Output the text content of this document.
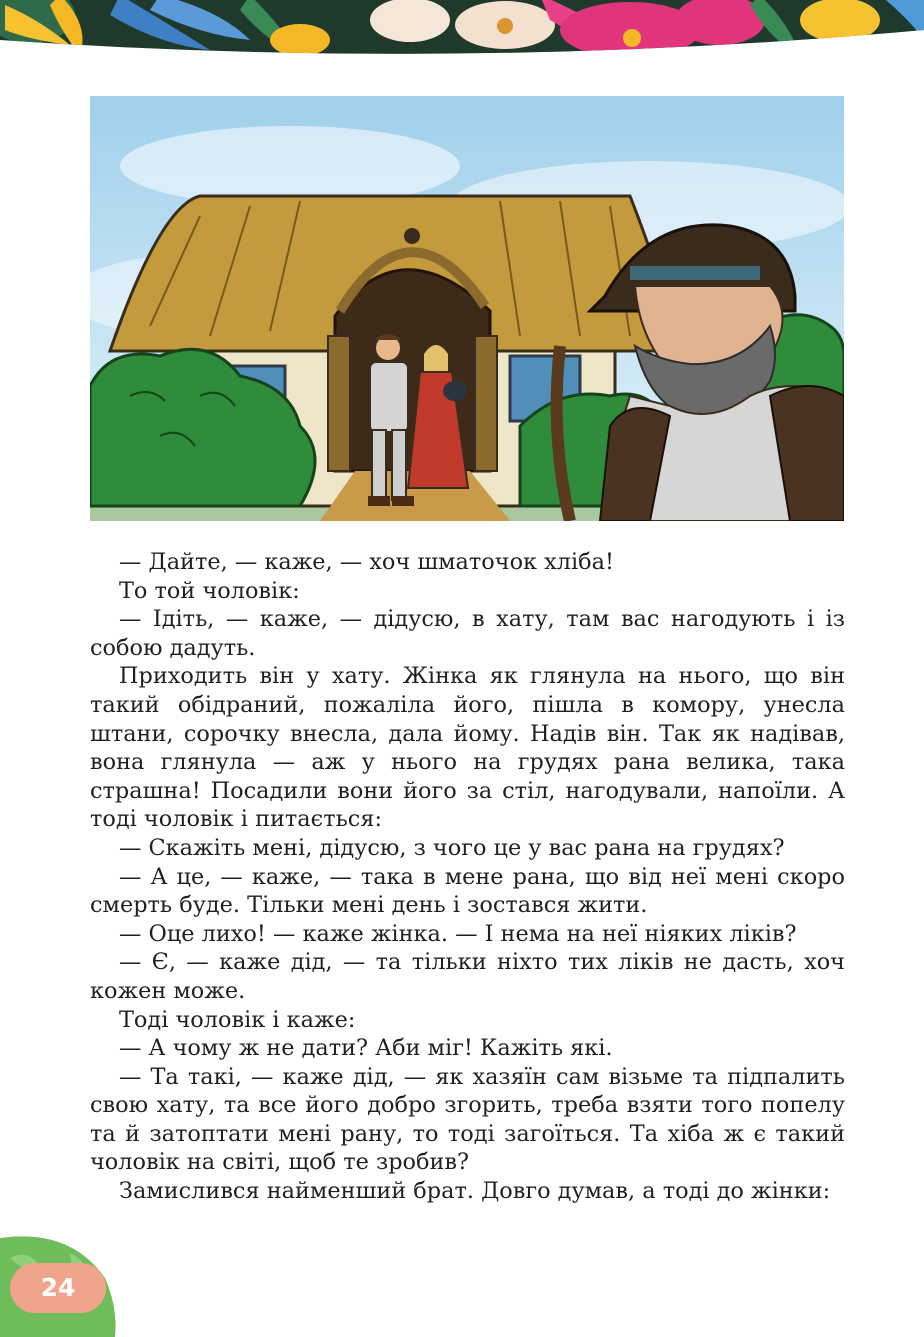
— Дайте, — каже, — хоч шматочок хліба!

То той чоловік:

— Ідіть, — каже, — дідусю, в хату, там вас нагодують і із собою дадуть.

Приходить він у хату. Жінка як глянула на нього, що він такий обідраний, пожаліла його, пішла в комору, унесла штани, сорочку внесла, дала йому. Надів він. Так як надівав, вона глянула — аж у нього на грудях рана велика, така страшна! Посадили вони його за стіл, нагодували, напоїли. А тоді чоловік і питається:

— Скажіть мені, дідусю, з чого це у вас рана на грудях?

— А це, — каже, — така в мене рана, що від неї мені скоро смерть буде. Тільки мені день і зостався жити.

— Оце лихо! — каже жінка. — І нема на неї ніяких ліків?

— Є, — каже дід, — та тільки ніхто тих ліків не дасть, хоч кожен може.

Тоді чоловік і каже:

— А чому ж не дати? Аби міг! Кажіть які.

— Та такі, — каже дід, — як хазяїн сам візьме та підпалить свою хату, та все його добро згорить, треба взяти того попелу та й затоптати мені рану, то тоді загоїться. Та хіба ж є такий чоловік на світі, щоб те зробив?

Замислився найменший брат. Довго думав, а тоді до жінки:

24
